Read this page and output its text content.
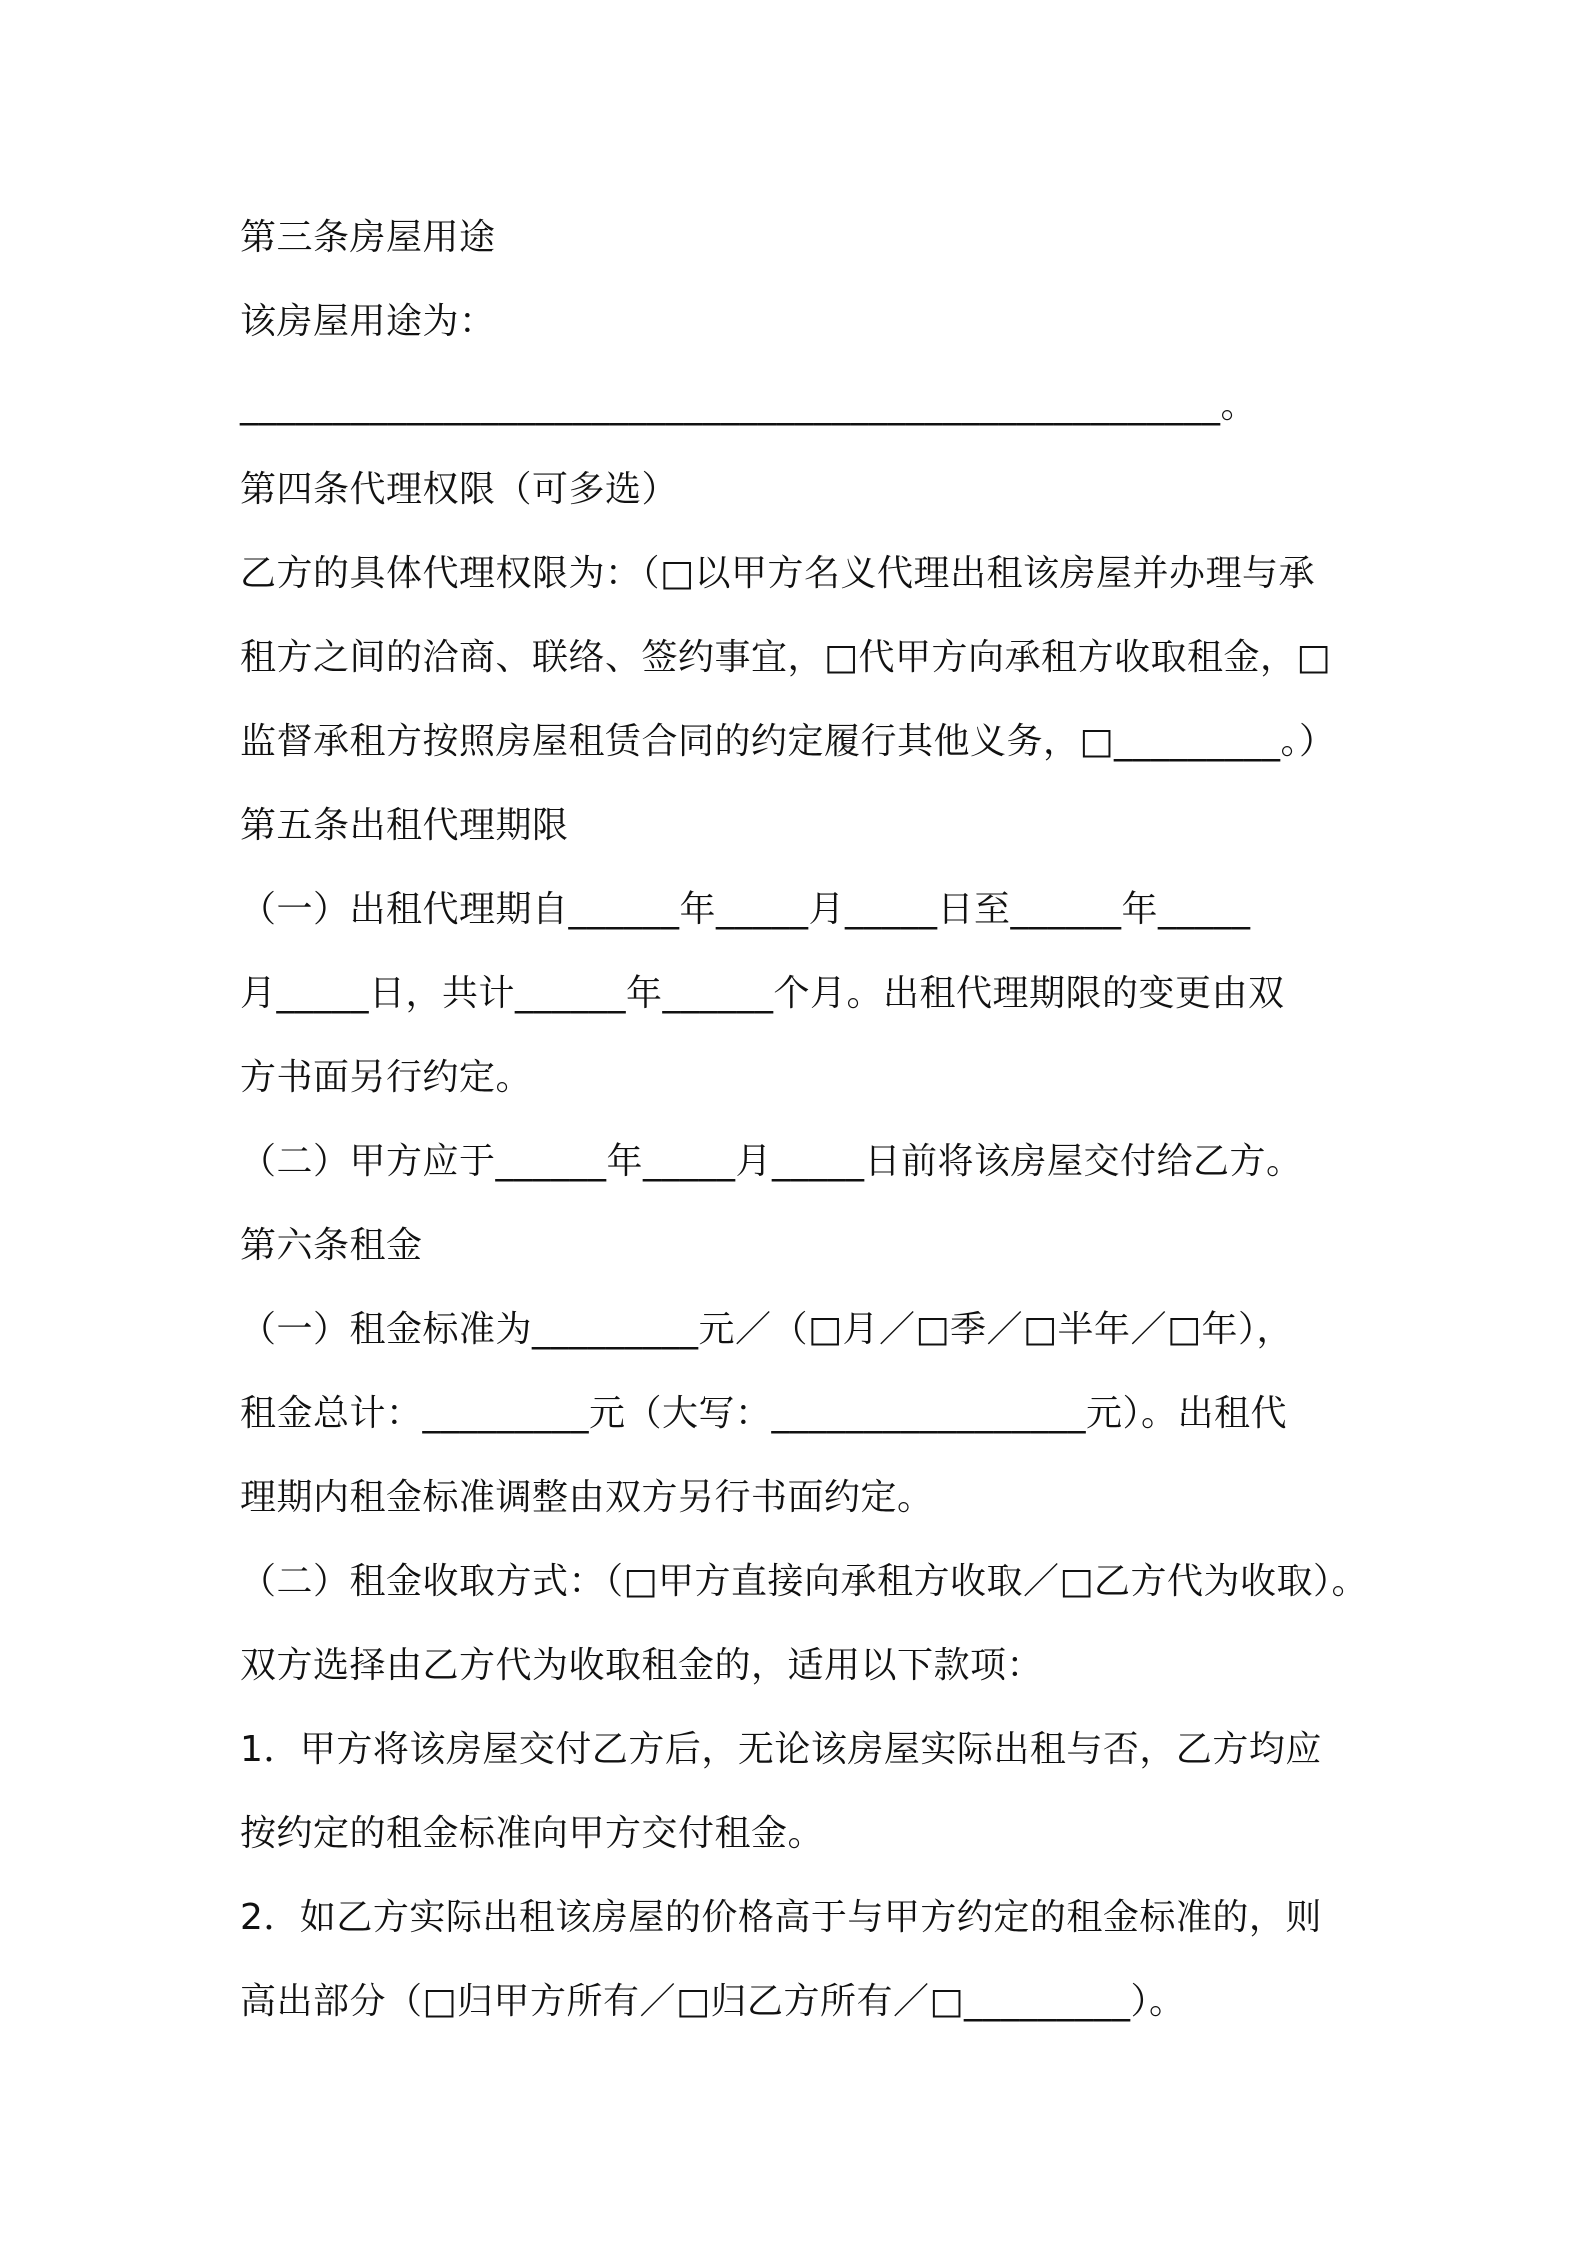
第三条房屋用途
该房屋用途为：
_____________________________________________________。
第四条代理权限（可多选）
乙方的具体代理权限为：（□以甲方名义代理出租该房屋并办理与承
租方之间的洽商、联络、签约事宜，□代甲方向承租方收取租金，□
监督承租方按照房屋租赁合同的约定履行其他义务，□_________。）
第五条出租代理期限
（一）出租代理期自______年_____月_____日至______年_____
月_____日，共计______年______个月。出租代理期限的变更由双
方书面另行约定。
（二）甲方应于______年_____月_____日前将该房屋交付给乙方。
第六条租金
（一）租金标准为_________元／（□月／□季／□半年／□年），
租金总计：_________元（大写：_________________元）。出租代
理期内租金标准调整由双方另行书面约定。
（二）租金收取方式：（□甲方直接向承租方收取／□乙方代为收取）。
双方选择由乙方代为收取租金的，适用以下款项：
1．甲方将该房屋交付乙方后，无论该房屋实际出租与否，乙方均应
按约定的租金标准向甲方交付租金。
2．如乙方实际出租该房屋的价格高于与甲方约定的租金标准的，则
高出部分（□归甲方所有／□归乙方所有／□_________）。
